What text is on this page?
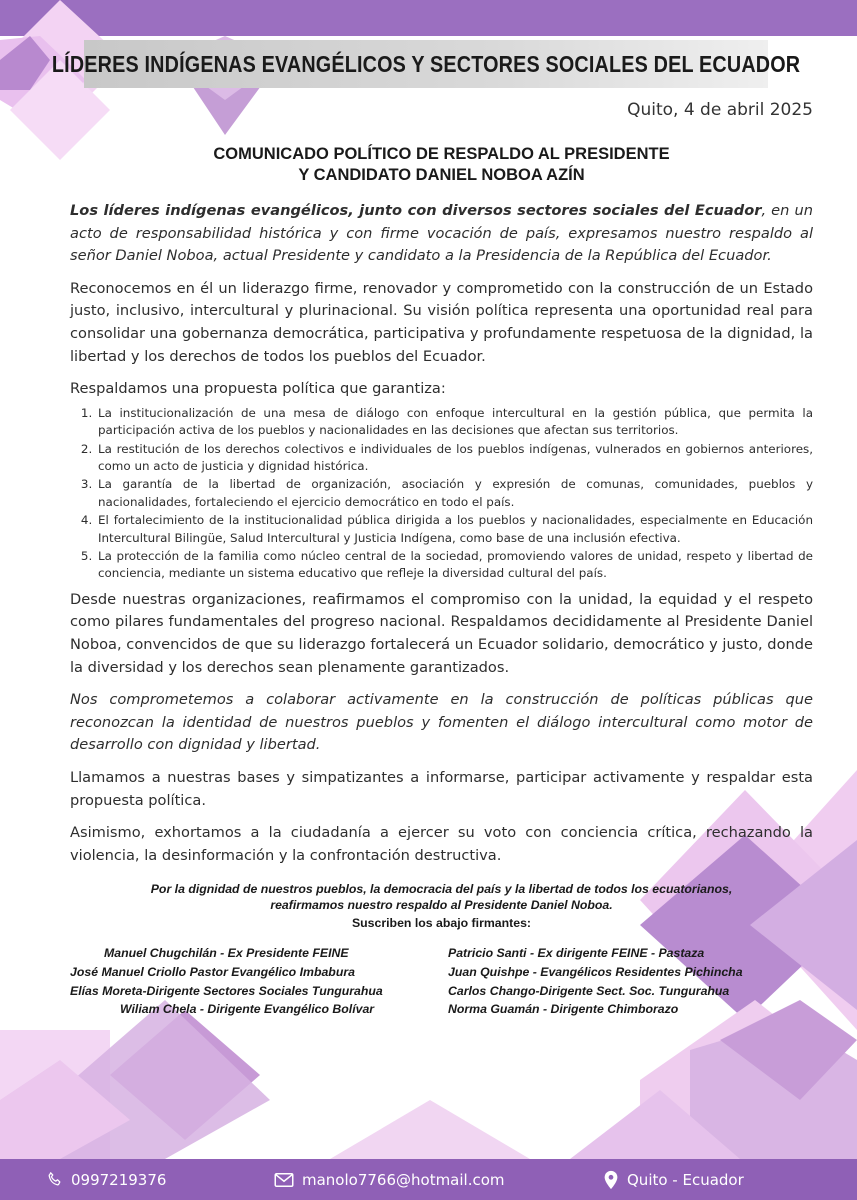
LÍDERES INDÍGENAS EVANGÉLICOS Y SECTORES SOCIALES DEL ECUADOR

Quito, 4 de abril 2025

COMUNICADO POLÍTICO DE RESPALDO AL PRESIDENTE
Y CANDIDATO DANIEL NOBOA AZÍN

Los líderes indígenas evangélicos, junto con diversos sectores sociales del Ecuador, en un acto de responsabilidad histórica y con firme vocación de país, expresamos nuestro respaldo al señor Daniel Noboa, actual Presidente y candidato a la Presidencia de la República del Ecuador.

Reconocemos en él un liderazgo firme, renovador y comprometido con la construcción de un Estado justo, inclusivo, intercultural y plurinacional. Su visión política representa una oportunidad real para consolidar una gobernanza democrática, participativa y profundamente respetuosa de la dignidad, la libertad y los derechos de todos los pueblos del Ecuador.

Respaldamos una propuesta política que garantiza:

1. La institucionalización de una mesa de diálogo con enfoque intercultural en la gestión pública, que permita la participación activa de los pueblos y nacionalidades en las decisiones que afectan sus territorios.
2. La restitución de los derechos colectivos e individuales de los pueblos indígenas, vulnerados en gobiernos anteriores, como un acto de justicia y dignidad histórica.
3. La garantía de la libertad de organización, asociación y expresión de comunas, comunidades, pueblos y nacionalidades, fortaleciendo el ejercicio democrático en todo el país.
4. El fortalecimiento de la institucionalidad pública dirigida a los pueblos y nacionalidades, especialmente en Educación Intercultural Bilingüe, Salud Intercultural y Justicia Indígena, como base de una inclusión efectiva.
5. La protección de la familia como núcleo central de la sociedad, promoviendo valores de unidad, respeto y libertad de conciencia, mediante un sistema educativo que refleje la diversidad cultural del país.

Desde nuestras organizaciones, reafirmamos el compromiso con la unidad, la equidad y el respeto como pilares fundamentales del progreso nacional. Respaldamos decididamente al Presidente Daniel Noboa, convencidos de que su liderazgo fortalecerá un Ecuador solidario, democrático y justo, donde la diversidad y los derechos sean plenamente garantizados.

Nos comprometemos a colaborar activamente en la construcción de políticas públicas que reconozcan la identidad de nuestros pueblos y fomenten el diálogo intercultural como motor de desarrollo con dignidad y libertad.

Llamamos a nuestras bases y simpatizantes a informarse, participar activamente y respaldar esta propuesta política.

Asimismo, exhortamos a la ciudadanía a ejercer su voto con conciencia crítica, rechazando la violencia, la desinformación y la confrontación destructiva.

Por la dignidad de nuestros pueblos, la democracia del país y la libertad de todos los ecuatorianos,
reafirmamos nuestro respaldo al Presidente Daniel Noboa.
Suscriben los abajo firmantes:
Manuel Chugchilán - Ex Presidente FEINE	Patricio Santi - Ex dirigente FEINE - Pastaza
José Manuel Criollo Pastor Evangélico Imbabura	Juan Quishpe - Evangélicos Residentes Pichincha
Elías Moreta-Dirigente Sectores Sociales Tungurahua	Carlos Chango-Dirigente Sect. Soc. Tungurahua
Wiliam Chela - Dirigente Evangélico Bolívar	Norma Guamán - Dirigente Chimborazo
0997219376	manolo7766@hotmail.com	Quito - Ecuador
